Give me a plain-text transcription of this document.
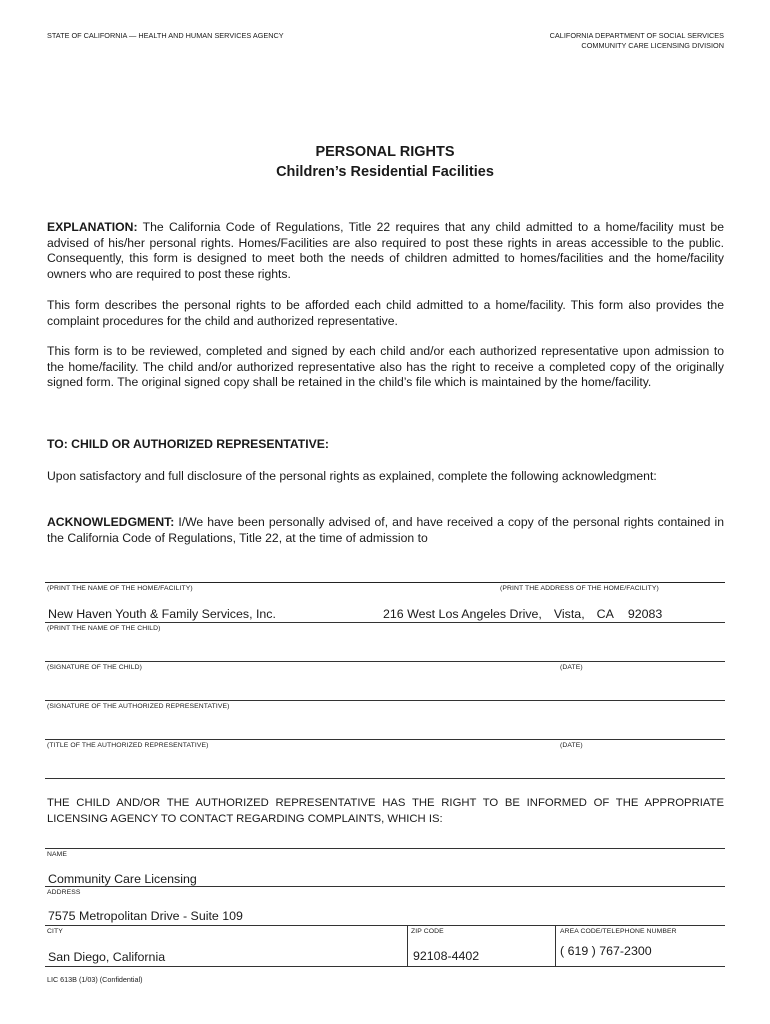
STATE OF CALIFORNIA — HEALTH AND HUMAN SERVICES AGENCY	CALIFORNIA DEPARTMENT OF SOCIAL SERVICES
COMMUNITY CARE LICENSING DIVISION
PERSONAL RIGHTS
Children’s Residential Facilities
EXPLANATION: The California Code of Regulations, Title 22 requires that any child admitted to a home/facility must be advised of his/her personal rights. Homes/Facilities are also required to post these rights in areas accessible to the public. Consequently, this form is designed to meet both the needs of children admitted to homes/facilities and the home/facility owners who are required to post these rights.
This form describes the personal rights to be afforded each child admitted to a home/facility. This form also provides the complaint procedures for the child and authorized representative.
This form is to be reviewed, completed and signed by each child and/or each authorized representative upon admission to the home/facility. The child and/or authorized representative also has the right to receive a completed copy of the originally signed form. The original signed copy shall be retained in the child’s file which is maintained by the home/facility.
TO: CHILD OR AUTHORIZED REPRESENTATIVE:
Upon satisfactory and full disclosure of the personal rights as explained, complete the following acknowledgment:
ACKNOWLEDGMENT: I/We have been personally advised of, and have received a copy of the personal rights contained in the California Code of Regulations, Title 22, at the time of admission to
(PRINT THE NAME OF THE HOME/FACILITY)	(PRINT THE ADDRESS OF THE HOME/FACILITY)
New Haven Youth & Family Services, Inc.	216 West Los Angeles Drive, Vista, CA 92083
(PRINT THE NAME OF THE CHILD)
(SIGNATURE OF THE CHILD)	(DATE)
(SIGNATURE OF THE AUTHORIZED REPRESENTATIVE)
(TITLE OF THE AUTHORIZED REPRESENTATIVE)	(DATE)
THE CHILD AND/OR THE AUTHORIZED REPRESENTATIVE HAS THE RIGHT TO BE INFORMED OF THE APPROPRIATE LICENSING AGENCY TO CONTACT REGARDING COMPLAINTS, WHICH IS:
NAME
Community Care Licensing
ADDRESS
7575 Metropolitan Drive - Suite 109
CITY	ZIP CODE	AREA CODE/TELEPHONE NUMBER
San Diego, California	92108-4402	( 619 ) 767-2300
LIC 613B (1/03) (Confidential)
